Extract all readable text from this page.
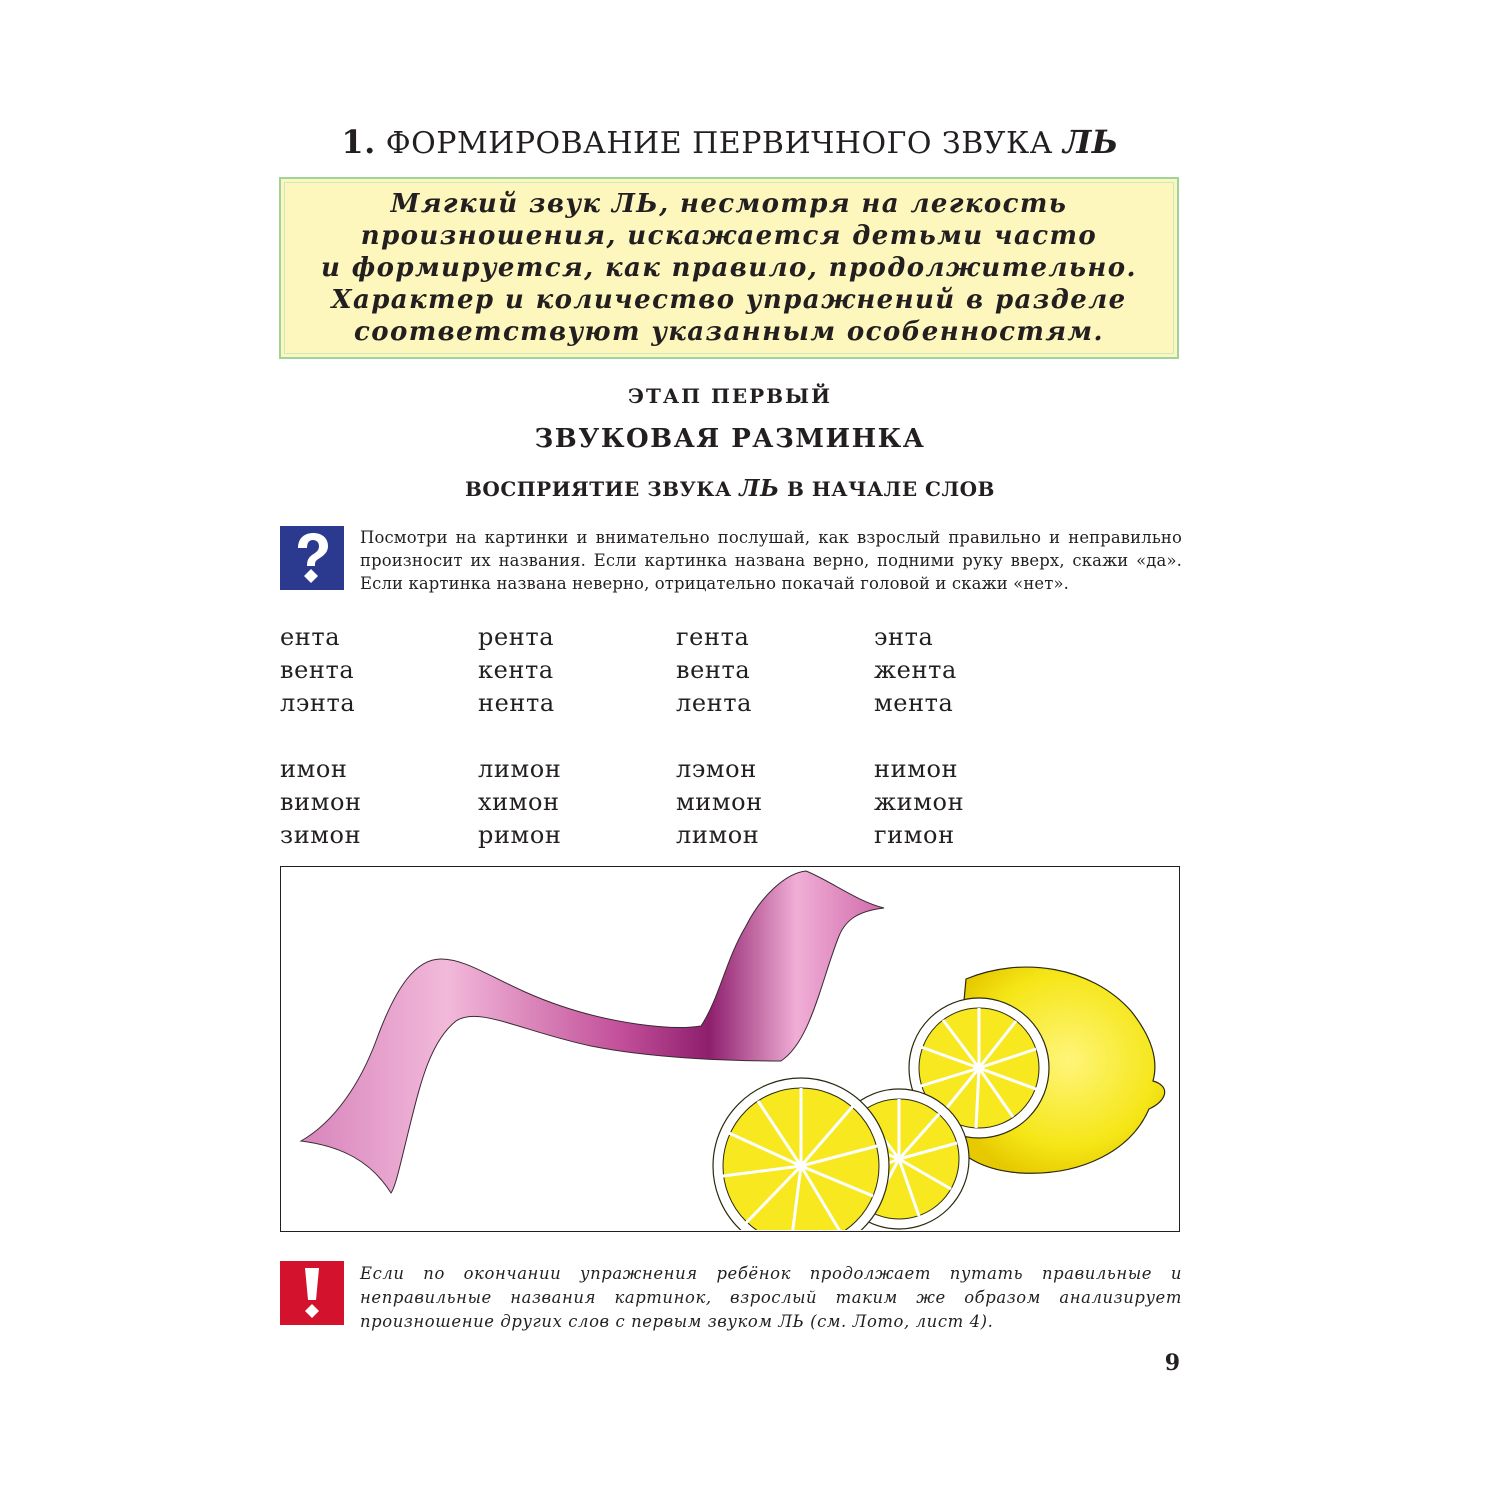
1. ФОРМИРОВАНИЕ ПЕРВИЧНОГО ЗВУКА ЛЬ
Мягкий звук ЛЬ, несмотря на легкость
произношения, искажается детьми часто
и формируется, как правило, продолжительно.
Характер и количество упражнений в разделе
соответствуют указанным особенностям.
ЭТАП ПЕРВЫЙ
ЗВУКОВАЯ РАЗМИНКА
ВОСПРИЯТИЕ ЗВУКА ЛЬ В НАЧАЛЕ СЛОВ
Посмотри на картинки и внимательно послушай, как взрослый правильно и неправильно произносит их названия. Если картинка названа верно, подними руку вверх, скажи «да». Если картинка названа неверно, отрицательно покачай головой и скажи «нет».
ента	рента	гента	энта
вента	кента	вента	жента
лэнта	нента	лента	мента
имон	лимон	лэмон	нимон
вимон	химон	мимон	жимон
зимон	римон	лимон	гимон
Если по окончании упражнения ребёнок продолжает путать правильные и неправильные названия картинок, взрослый таким же образом анализирует произношение других слов с первым звуком ЛЬ (см. Лото, лист 4).
9
